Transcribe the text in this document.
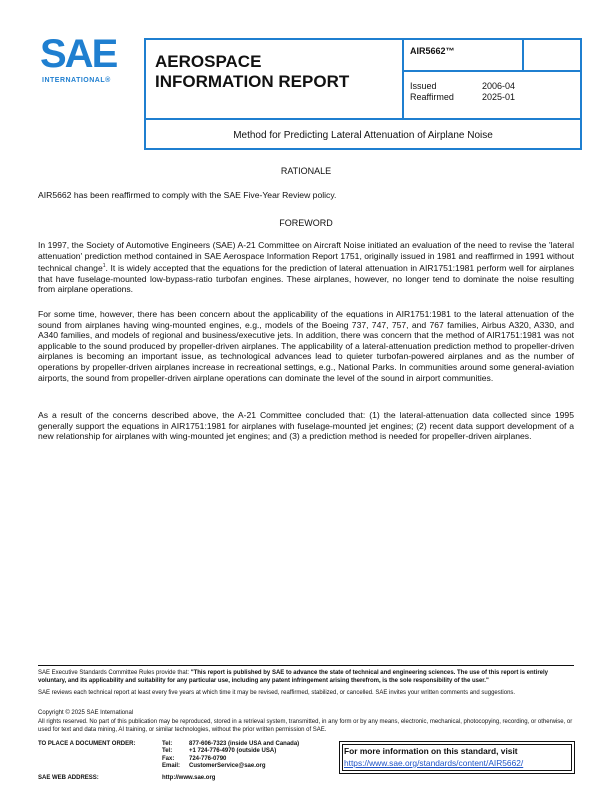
SAE
INTERNATIONAL®
AEROSPACE
INFORMATION REPORT
AIR5662™
Issued	2006-04
Reaffirmed	2025-01
Method for Predicting Lateral Attenuation of Airplane Noise
RATIONALE
AIR5662 has been reaffirmed to comply with the SAE Five-Year Review policy.
FOREWORD
In 1997, the Society of Automotive Engineers (SAE) A-21 Committee on Aircraft Noise initiated an evaluation of the need to revise the 'lateral attenuation' prediction method contained in SAE Aerospace Information Report 1751, originally issued in 1981 and reaffirmed in 1991 without technical change$^1$. It is widely accepted that the equations for the prediction of lateral attenuation in AIR1751:1981 perform well for airplanes that have fuselage-mounted low-bypass-ratio turbofan engines. These airplanes, however, no longer tend to dominate the noise resulting from airplane operations.
For some time, however, there has been concern about the applicability of the equations in AIR1751:1981 to the lateral attenuation of the sound from airplanes having wing-mounted engines, e.g., models of the Boeing 737, 747, 757, and 767 families, Airbus A320, A330, and A340 families, and models of regional and business/executive jets. In addition, there was concern that the method of AIR1751:1981 was not applicable to the sound produced by propeller-driven airplanes. The applicability of a lateral-attenuation prediction method to propeller-driven airplanes is becoming an important issue, as technological advances lead to quieter turbofan-powered airplanes and as the number of operations by propeller-driven airplanes increase in recreational settings, e.g., National Parks. In communities around some general-aviation airports, the sound from propeller-driven airplane operations can dominate the level of the sound in airport communities.
As a result of the concerns described above, the A-21 Committee concluded that: (1) the lateral-attenuation data collected since 1995 generally support the equations in AIR1751:1981 for airplanes with fuselage-mounted jet engines; (2) recent data support development of a new relationship for airplanes with wing-mounted jet engines; and (3) a prediction method is needed for propeller-driven airplanes.
SAE Executive Standards Committee Rules provide that: "This report is published by SAE to advance the state of technical and engineering sciences. The use of this report is entirely voluntary, and its applicability and suitability for any particular use, including any patent infringement arising therefrom, is the sole responsibility of the user."
SAE reviews each technical report at least every five years at which time it may be revised, reaffirmed, stabilized, or cancelled. SAE invites your written comments and suggestions.
Copyright © 2025 SAE International
All rights reserved. No part of this publication may be reproduced, stored in a retrieval system, transmitted, in any form or by any means, electronic, mechanical, photocopying, recording, or otherwise, or used for text and data mining, AI training, or similar technologies, without the prior written permission of SAE.
TO PLACE A DOCUMENT ORDER:	Tel:	877-606-7323 (inside USA and Canada)
Tel:	+1 724-776-4970 (outside USA)
Fax:	724-776-0790
Email:	CustomerService@sae.org
SAE WEB ADDRESS:	http://www.sae.org
For more information on this standard, visit
https://www.sae.org/standards/content/AIR5662/
